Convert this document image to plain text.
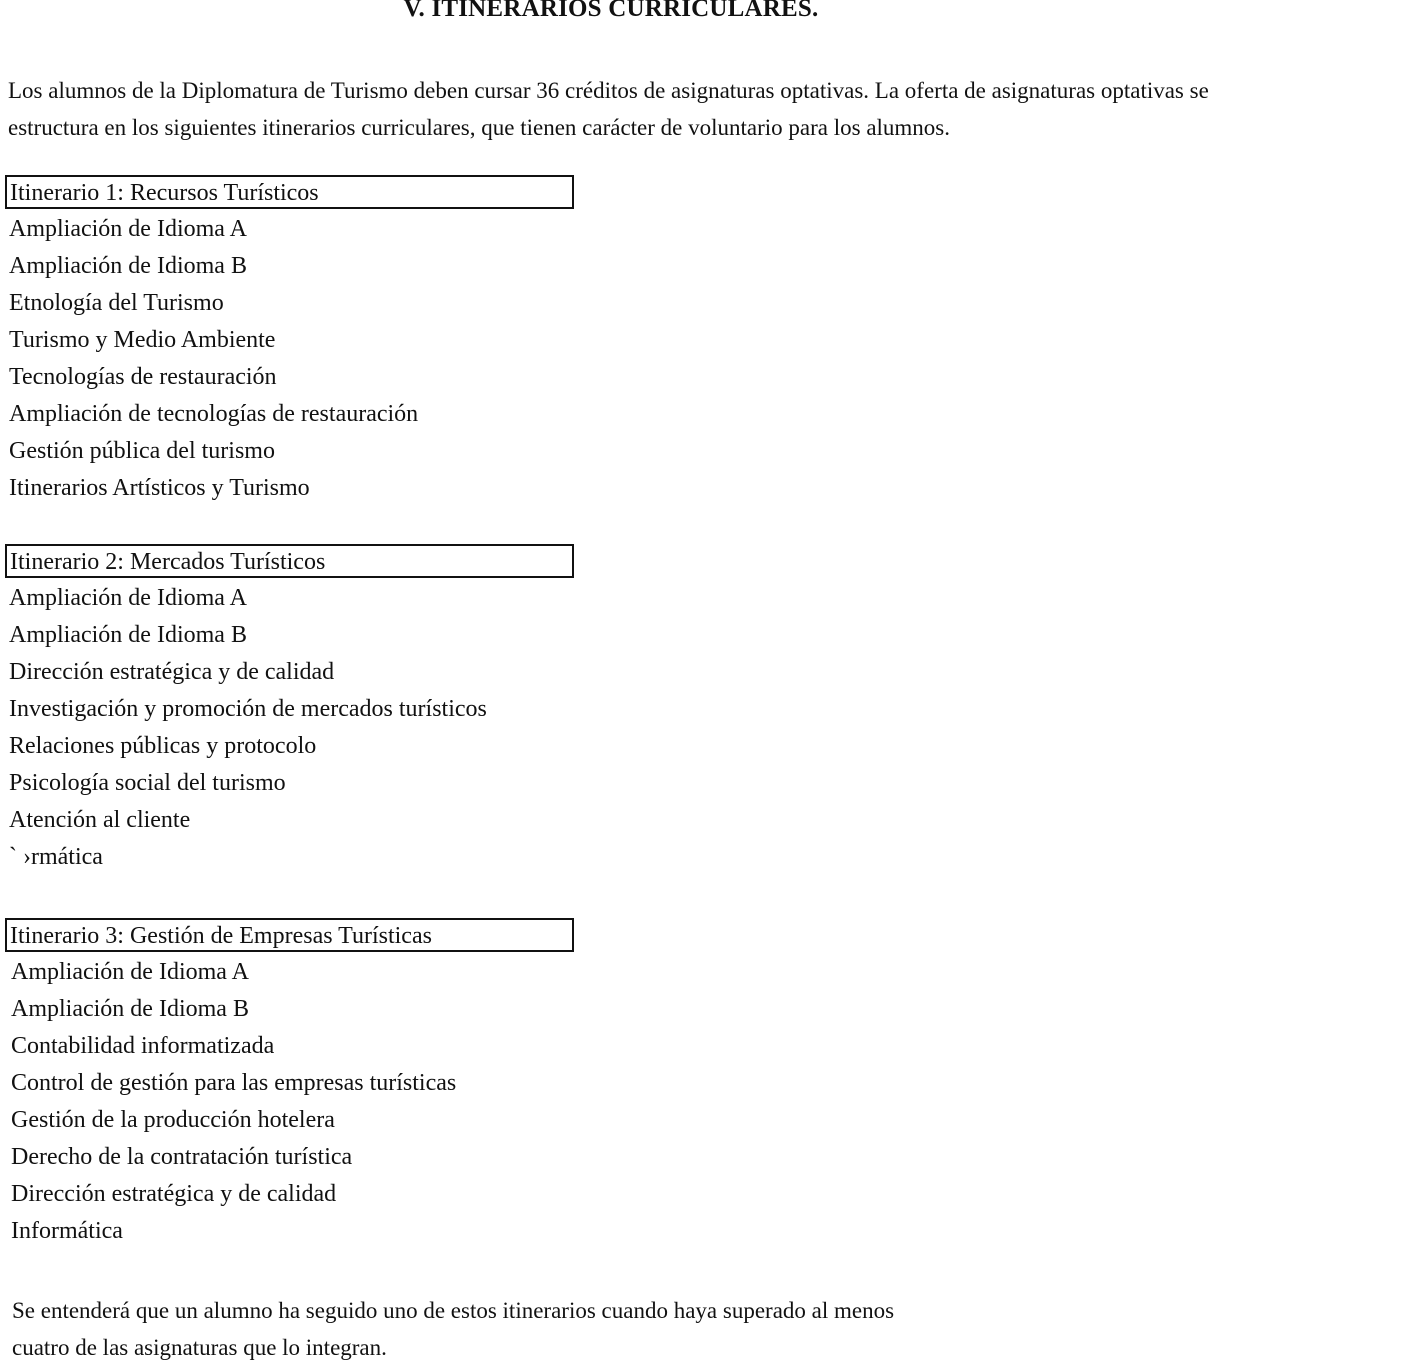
V. ITINERARIOS CURRICULARES.

Los alumnos de la Diplomatura de Turismo deben cursar 36 créditos de asignaturas optativas. La oferta de asignaturas optativas se
estructura en los siguientes itinerarios curriculares, que tienen carácter de voluntario para los alumnos.

Itinerario 1: Recursos Turísticos
Ampliación de Idioma A
Ampliación de Idioma B
Etnología del Turismo
Turismo y Medio Ambiente
Tecnologías de restauración
Ampliación de tecnologías de restauración
Gestión pública del turismo
Itinerarios Artísticos y Turismo
Itinerario 2: Mercados Turísticos
Ampliación de Idioma A
Ampliación de Idioma B
Dirección estratégica y de calidad
Investigación y promoción de mercados turísticos
Relaciones públicas y protocolo
Psicología social del turismo
Atención al cliente
` ›rmática
Itinerario 3: Gestión de Empresas Turísticas
Ampliación de Idioma A
Ampliación de Idioma B
Contabilidad informatizada
Control de gestión para las empresas turísticas
Gestión de la producción hotelera
Derecho de la contratación turística
Dirección estratégica y de calidad
Informática

Se entenderá que un alumno ha seguido uno de estos itinerarios cuando haya superado al menos
cuatro de las asignaturas que lo integran.
